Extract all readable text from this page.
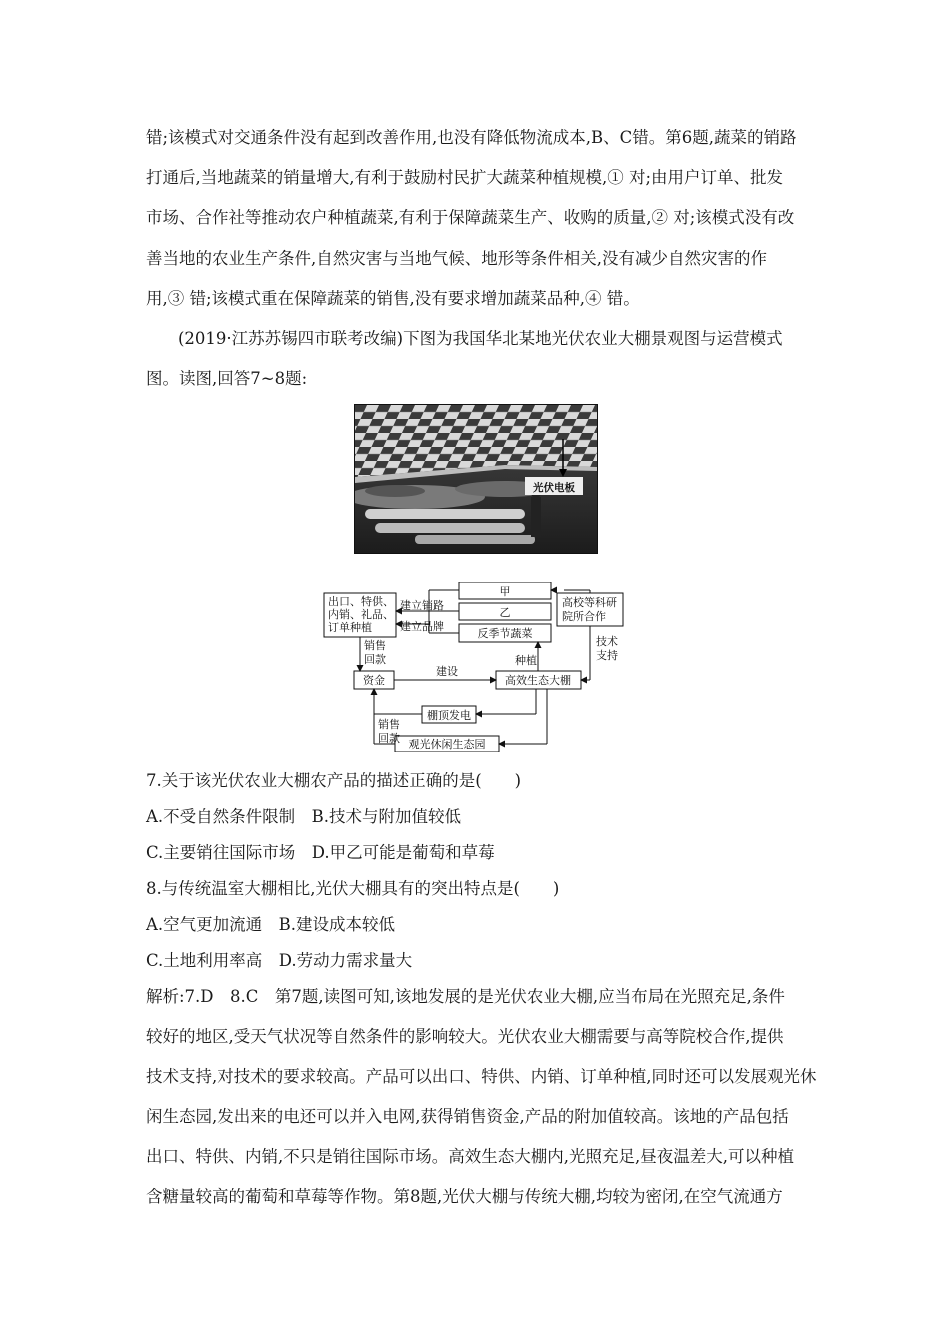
错;该模式对交通条件没有起到改善作用,也没有降低物流成本,B、C错。第6题,蔬菜的销路
打通后,当地蔬菜的销量增大,有利于鼓励村民扩大蔬菜种植规模,① 对;由用户订单、批发
市场、合作社等推动农户种植蔬菜,有利于保障蔬菜生产、收购的质量,② 对;该模式没有改
善当地的农业生产条件,自然灾害与当地气候、地形等条件相关,没有减少自然灾害的作
用,③ 错;该模式重在保障蔬菜的销售,没有要求增加蔬菜品种,④ 错。
(2019·江苏苏锡四市联考改编)下图为我国华北某地光伏农业大棚景观图与运营模式
图。读图,回答7~8题:
光伏电板
出口、特供、
内销、礼品、
订单种植
甲
乙
反季节蔬菜
高校等科研
院所合作
建立销路
建立品牌
技术
支持
种植
销售
回款
资金
建设
高效生态大棚
棚顶发电
销售
回款 观光休闲生态园
7.关于该光伏农业大棚农产品的描述正确的是(　　)
A.不受自然条件限制　B.技术与附加值较低
C.主要销往国际市场　D.甲乙可能是葡萄和草莓
8.与传统温室大棚相比,光伏大棚具有的突出特点是(　　)
A.空气更加流通　B.建设成本较低
C.土地利用率高　D.劳动力需求量大
解析:7.D　8.C　第7题,读图可知,该地发展的是光伏农业大棚,应当布局在光照充足,条件
较好的地区,受天气状况等自然条件的影响较大。光伏农业大棚需要与高等院校合作,提供
技术支持,对技术的要求较高。产品可以出口、特供、内销、订单种植,同时还可以发展观光休
闲生态园,发出来的电还可以并入电网,获得销售资金,产品的附加值较高。该地的产品包括
出口、特供、内销,不只是销往国际市场。高效生态大棚内,光照充足,昼夜温差大,可以种植
含糖量较高的葡萄和草莓等作物。第8题,光伏大棚与传统大棚,均较为密闭,在空气流通方
